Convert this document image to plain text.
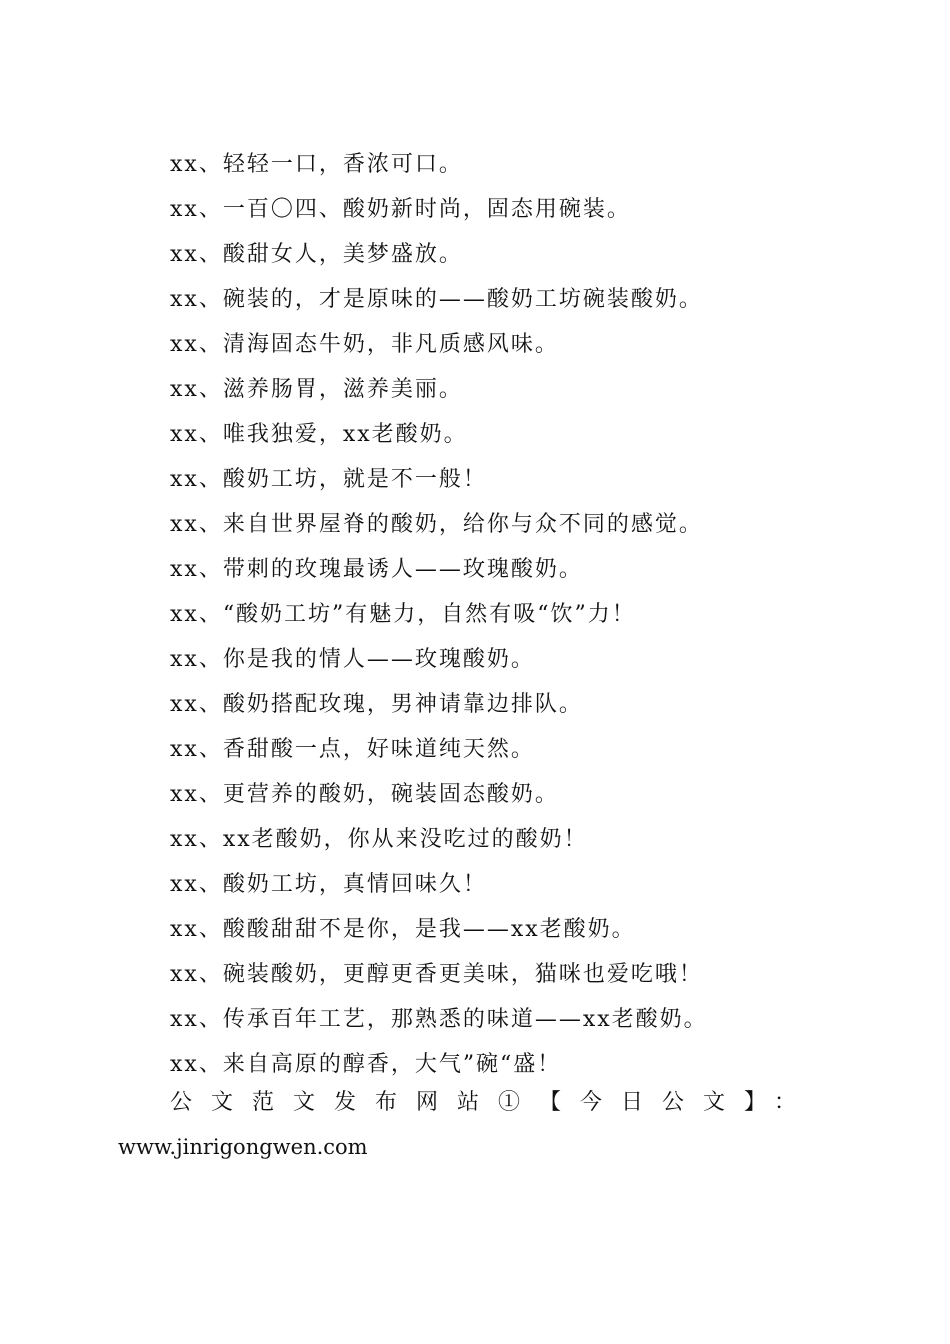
xx、轻轻一口，香浓可口。
xx、一百〇四、酸奶新时尚，固态用碗装。
xx、酸甜女人，美梦盛放。
xx、碗装的，才是原味的——酸奶工坊碗装酸奶。
xx、清海固态牛奶，非凡质感风味。
xx、滋养肠胃，滋养美丽。
xx、唯我独爱，xx老酸奶。
xx、酸奶工坊，就是不一般！
xx、来自世界屋脊的酸奶，给你与众不同的感觉。
xx、带刺的玫瑰最诱人——玫瑰酸奶。
xx、“酸奶工坊”有魅力，自然有吸“饮”力！
xx、你是我的情人——玫瑰酸奶。
xx、酸奶搭配玫瑰，男神请靠边排队。
xx、香甜酸一点，好味道纯天然。
xx、更营养的酸奶，碗装固态酸奶。
xx、xx老酸奶，你从来没吃过的酸奶！
xx、酸奶工坊，真情回味久！
xx、酸酸甜甜不是你，是我——xx老酸奶。
xx、碗装酸奶，更醇更香更美味，猫咪也爱吃哦！
xx、传承百年工艺，那熟悉的味道——xx老酸奶。
xx、来自高原的醇香，大气”碗“盛！
公文范文发布网站①【今日公文】：
www.jinrigongwen.com
